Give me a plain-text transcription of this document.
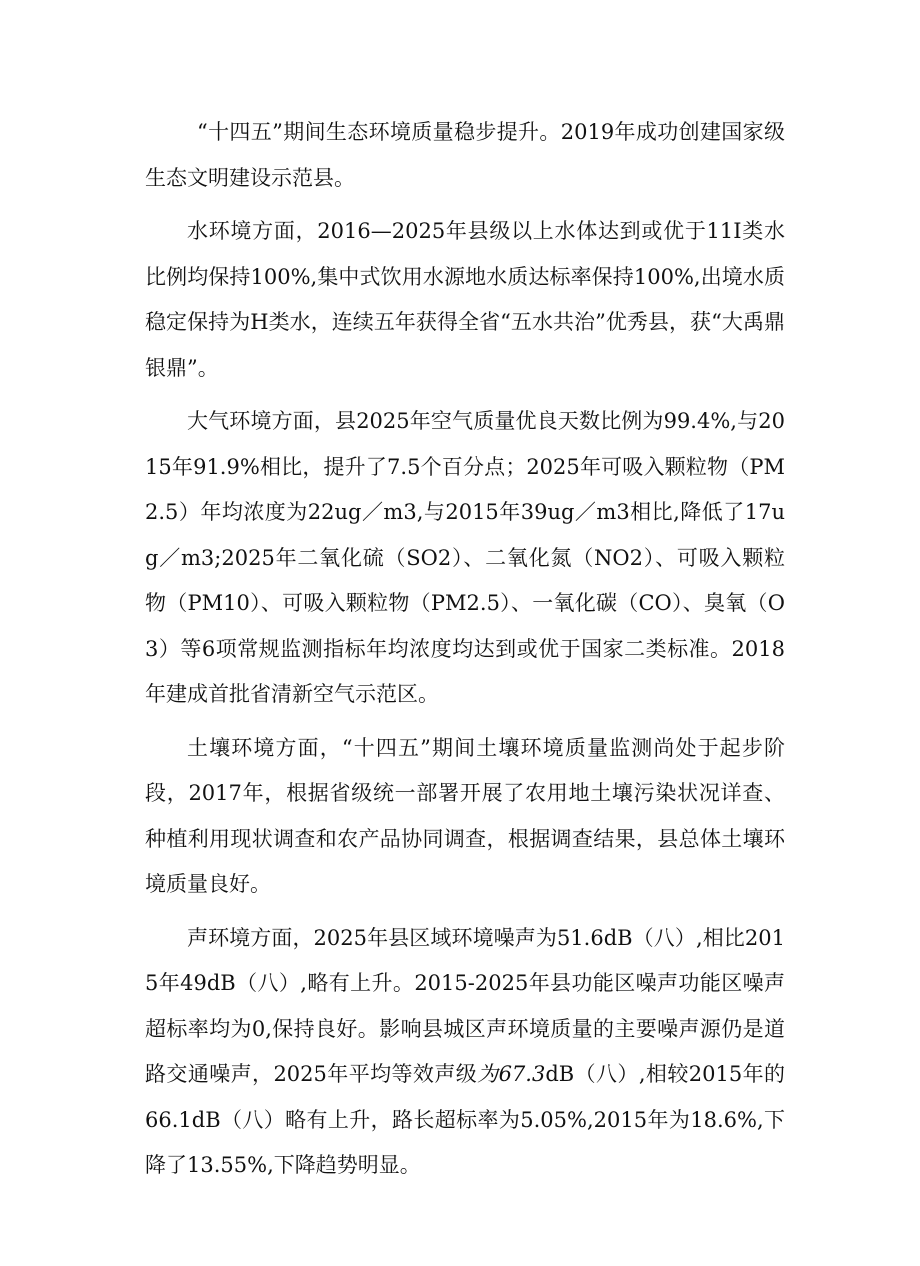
“十四五”期间生态环境质量稳步提升。2019年成功创建国家级生态文明建设示范县。

水环境方面，2016—2025年县级以上水体达到或优于11I类水比例均保持100%,集中式饮用水源地水质达标率保持100%,出境水质稳定保持为H类水，连续五年获得全省“五水共治”优秀县，获“大禹鼎银鼎”。

大气环境方面，县2025年空气质量优良天数比例为99.4%,与2015年91.9%相比，提升了7.5个百分点；2025年可吸入颗粒物（PM2.5）年均浓度为22ug／m3,与2015年39ug／m3相比,降低了17ug／m3;2025年二氧化硫（SO2）、二氧化氮（NO2）、可吸入颗粒物（PM10）、可吸入颗粒物（PM2.5）、一氧化碳（CO）、臭氧（O3）等6项常规监测指标年均浓度均达到或优于国家二类标准。2018年建成首批省清新空气示范区。

土壤环境方面，“十四五”期间土壤环境质量监测尚处于起步阶段，2017年，根据省级统一部署开展了农用地土壤污染状况详查、种植利用现状调查和农产品协同调查，根据调查结果，县总体土壤环境质量良好。

声环境方面，2025年县区域环境噪声为51.6dB（八）,相比2015年49dB（八）,略有上升。2015-2025年县功能区噪声功能区噪声超标率均为0,保持良好。影响县城区声环境质量的主要噪声源仍是道路交通噪声，2025年平均等效声级为67.3dB（八）,相较2015年的66.1dB（八）略有上升，路长超标率为5.05%,2015年为18.6%,下降了13.55%,下降趋势明显。
